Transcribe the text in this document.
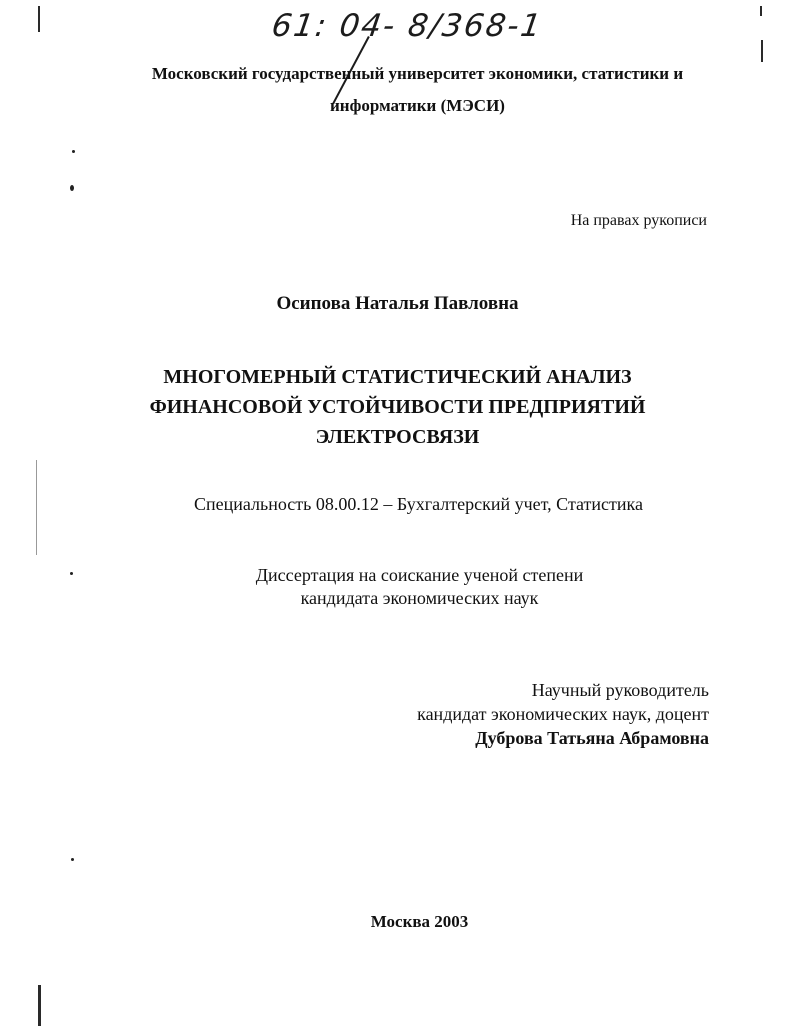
61: 04- 8/368-1
Московский государственный университет экономики, статистики и
информатики (МЭСИ)
На правах рукописи
Осипова Наталья Павловна
МНОГОМЕРНЫЙ СТАТИСТИЧЕСКИЙ АНАЛИЗ
ФИНАНСОВОЙ УСТОЙЧИВОСТИ ПРЕДПРИЯТИЙ
ЭЛЕКТРОСВЯЗИ
Специальность 08.00.12 – Бухгалтерский учет, Статистика
Диссертация на соискание ученой степени
кандидата экономических наук
Научный руководитель
кандидат экономических наук, доцент
Дуброва Татьяна Абрамовна
Москва 2003
